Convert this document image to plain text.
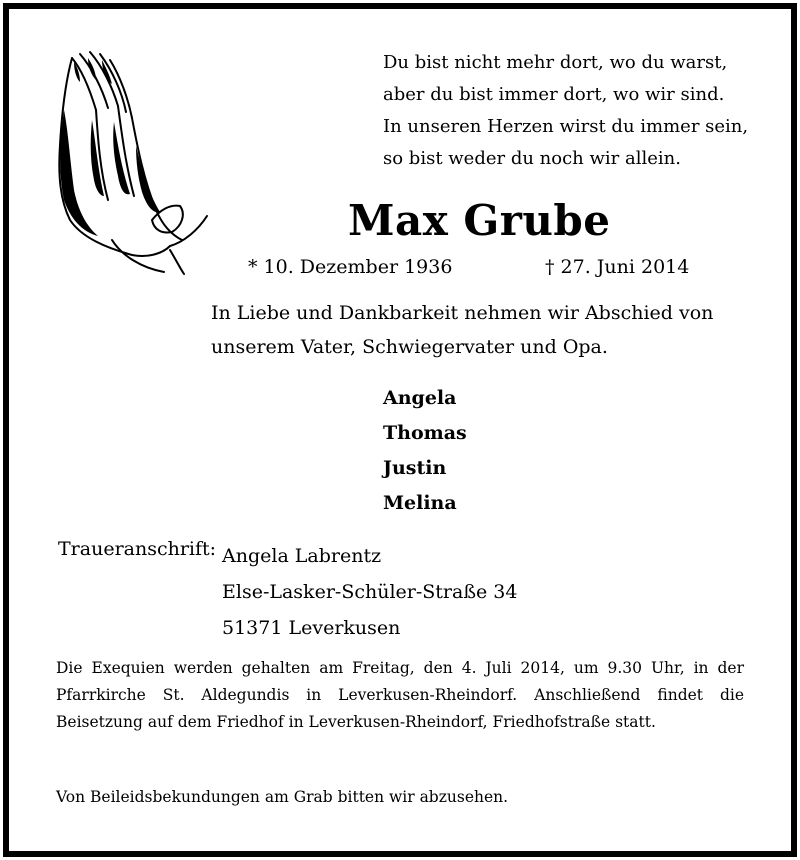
Du bist nicht mehr dort, wo du warst,
aber du bist immer dort, wo wir sind.
In unseren Herzen wirst du immer sein,
so bist weder du noch wir allein.
Max Grube
* 10. Dezember 1936	† 27. Juni 2014
In Liebe und Dankbarkeit nehmen wir Abschied von
unserem Vater, Schwiegervater und Opa.
Angela
Thomas
Justin
Melina
Traueranschrift: Angela Labrentz
Else-Lasker-Schüler-Straße 34
51371 Leverkusen
Die Exequien werden gehalten am Freitag, den 4. Juli 2014, um 9.30 Uhr, in der Pfarrkirche St. Aldegundis in Leverkusen-Rheindorf. Anschließend findet die Beisetzung auf dem Friedhof in Leverkusen-Rheindorf, Friedhofstraße statt.
Von Beileidsbekundungen am Grab bitten wir abzusehen.
